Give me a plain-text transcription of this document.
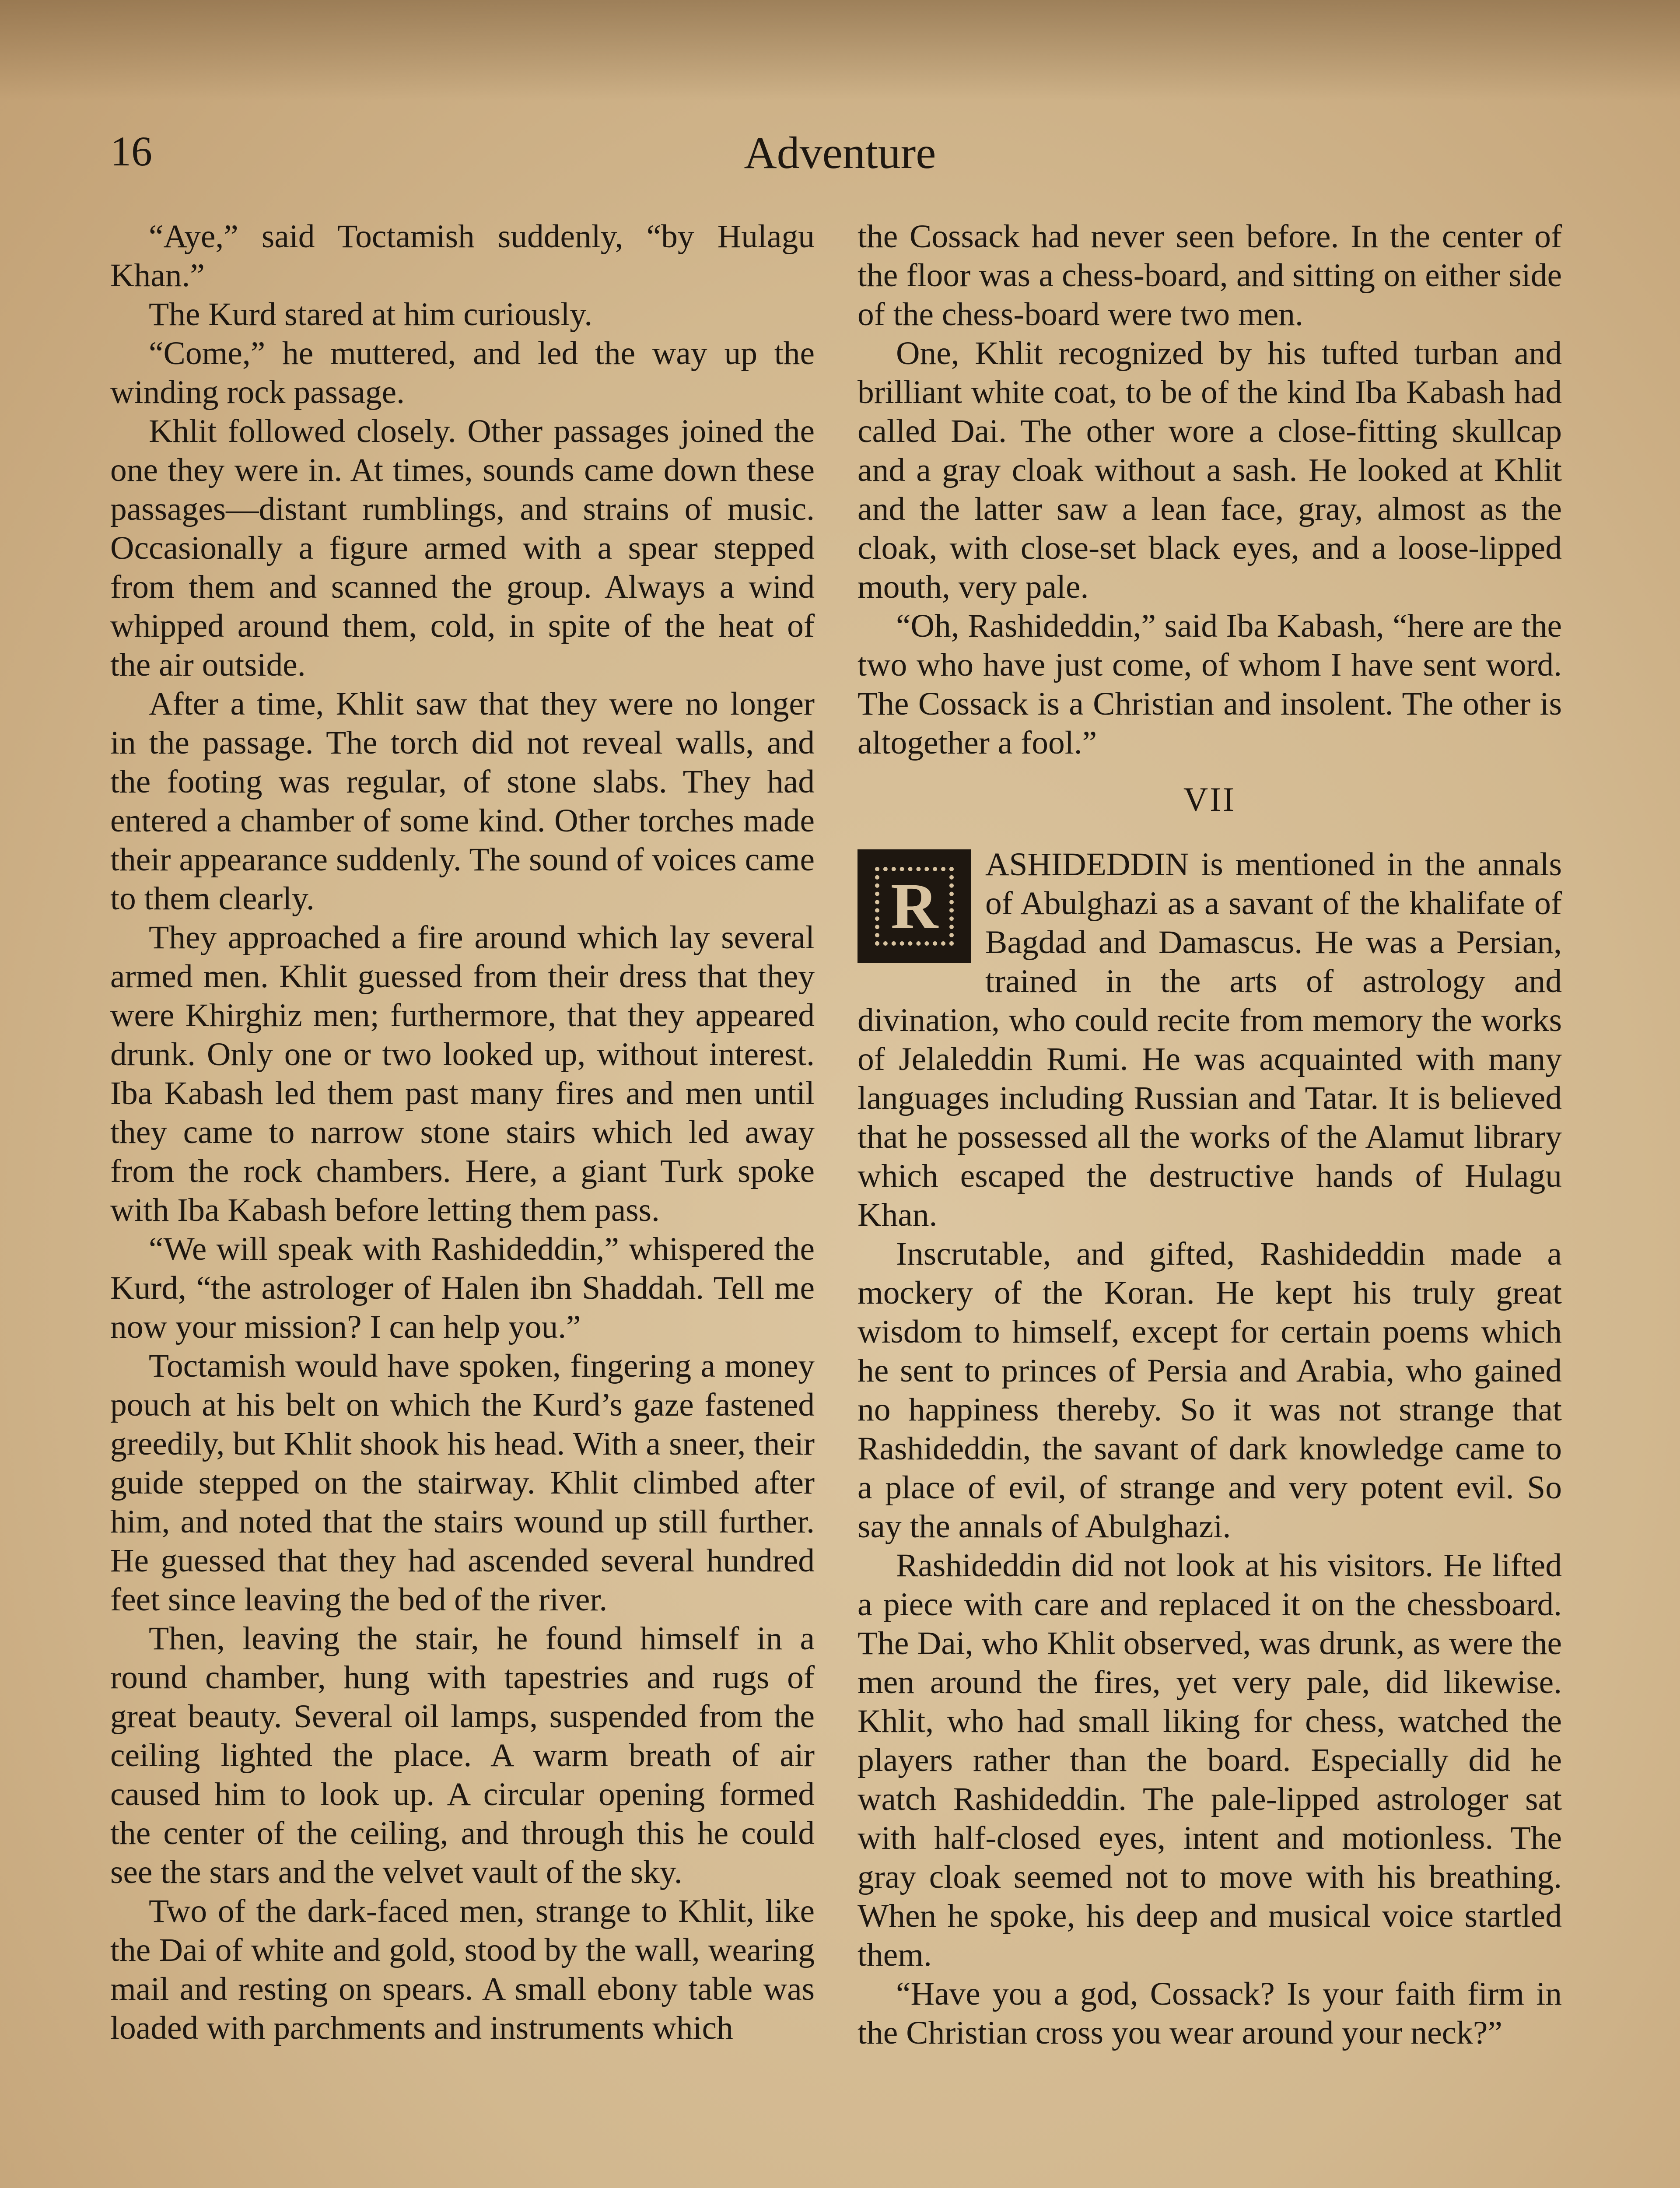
16	Adventure

“Aye,” said Toctamish suddenly, “by Hulagu Khan.”

The Kurd stared at him curiously.

“Come,” he muttered, and led the way up the winding rock passage.

Khlit followed closely. Other passages joined the one they were in. At times, sounds came down these passages—distant rumblings, and strains of music. Occasionally a figure armed with a spear stepped from them and scanned the group. Always a wind whipped around them, cold, in spite of the heat of the air outside.

After a time, Khlit saw that they were no longer in the passage. The torch did not reveal walls, and the footing was regular, of stone slabs. They had entered a chamber of some kind. Other torches made their appearance suddenly. The sound of voices came to them clearly.

They approached a fire around which lay several armed men. Khlit guessed from their dress that they were Khirghiz men; furthermore, that they appeared drunk. Only one or two looked up, without interest. Iba Kabash led them past many fires and men until they came to narrow stone stairs which led away from the rock chambers. Here, a giant Turk spoke with Iba Kabash before letting them pass.

“We will speak with Rashideddin,” whispered the Kurd, “the astrologer of Halen ibn Shaddah. Tell me now your mission? I can help you.”

Toctamish would have spoken, fingering a money pouch at his belt on which the Kurd’s gaze fastened greedily, but Khlit shook his head. With a sneer, their guide stepped on the stairway. Khlit climbed after him, and noted that the stairs wound up still further. He guessed that they had ascended several hundred feet since leaving the bed of the river.

Then, leaving the stair, he found himself in a round chamber, hung with tapestries and rugs of great beauty. Several oil lamps, suspended from the ceiling lighted the place. A warm breath of air caused him to look up. A circular opening formed the center of the ceiling, and through this he could see the stars and the velvet vault of the sky.

Two of the dark-faced men, strange to Khlit, like the Dai of white and gold, stood by the wall, wearing mail and resting on spears. A small ebony table was loaded with parchments and instruments which

the Cossack had never seen before. In the center of the floor was a chess-board, and sitting on either side of the chess-board were two men.

One, Khlit recognized by his tufted turban and brilliant white coat, to be of the kind Iba Kabash had called Dai. The other wore a close-fitting skullcap and a gray cloak without a sash. He looked at Khlit and the latter saw a lean face, gray, almost as the cloak, with close-set black eyes, and a loose-lipped mouth, very pale.

“Oh, Rashideddin,” said Iba Kabash, “here are the two who have just come, of whom I have sent word. The Cossack is a Christian and insolent. The other is altogether a fool.”

VII
R

ASHIDEDDIN is mentioned in the annals of Abulghazi as a savant of the khalifate of Bagdad and Damascus. He was a Persian, trained in the arts of astrology and divination, who could recite from memory the works of Jelaleddin Rumi. He was acquainted with many languages including Russian and Tatar. It is believed that he possessed all the works of the Alamut library which escaped the destructive hands of Hulagu Khan.

Inscrutable, and gifted, Rashideddin made a mockery of the Koran. He kept his truly great wisdom to himself, except for certain poems which he sent to princes of Persia and Arabia, who gained no happiness thereby. So it was not strange that Rashideddin, the savant of dark knowledge came to a place of evil, of strange and very potent evil. So say the annals of Abulghazi.

Rashideddin did not look at his visitors. He lifted a piece with care and replaced it on the chessboard. The Dai, who Khlit observed, was drunk, as were the men around the fires, yet very pale, did likewise. Khlit, who had small liking for chess, watched the players rather than the board. Especially did he watch Rashideddin. The pale-lipped astrologer sat with half-closed eyes, intent and motionless. The gray cloak seemed not to move with his breathing. When he spoke, his deep and musical voice startled them.

“Have you a god, Cossack? Is your faith firm in the Christian cross you wear around your neck?”
